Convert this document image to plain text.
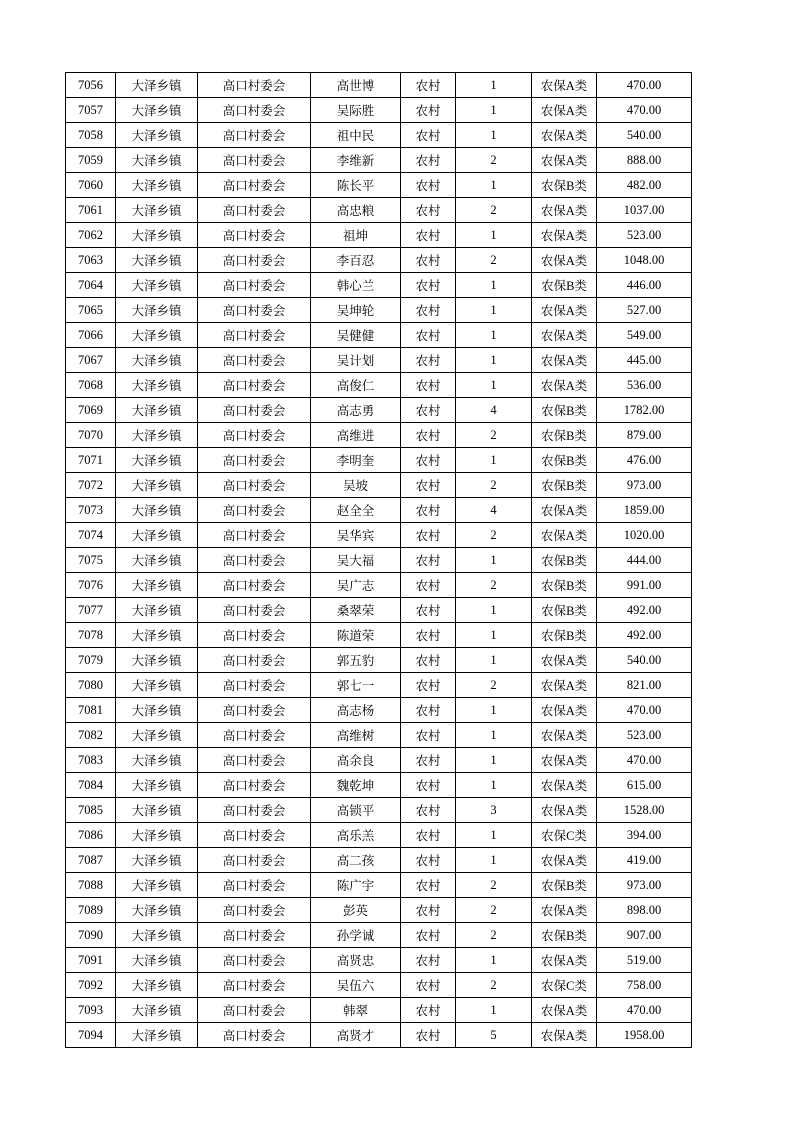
7056	大泽乡镇	高口村委会	高世博	农村	1	农保A类	470.00
7057	大泽乡镇	高口村委会	吴际胜	农村	1	农保A类	470.00
7058	大泽乡镇	高口村委会	祖中民	农村	1	农保A类	540.00
7059	大泽乡镇	高口村委会	李维新	农村	2	农保A类	888.00
7060	大泽乡镇	高口村委会	陈长平	农村	1	农保B类	482.00
7061	大泽乡镇	高口村委会	高忠粮	农村	2	农保A类	1037.00
7062	大泽乡镇	高口村委会	祖坤	农村	1	农保A类	523.00
7063	大泽乡镇	高口村委会	李百忍	农村	2	农保A类	1048.00
7064	大泽乡镇	高口村委会	韩心兰	农村	1	农保B类	446.00
7065	大泽乡镇	高口村委会	吴坤轮	农村	1	农保A类	527.00
7066	大泽乡镇	高口村委会	吴健健	农村	1	农保A类	549.00
7067	大泽乡镇	高口村委会	吴计划	农村	1	农保A类	445.00
7068	大泽乡镇	高口村委会	高俊仁	农村	1	农保A类	536.00
7069	大泽乡镇	高口村委会	高志勇	农村	4	农保B类	1782.00
7070	大泽乡镇	高口村委会	高维进	农村	2	农保B类	879.00
7071	大泽乡镇	高口村委会	李明奎	农村	1	农保B类	476.00
7072	大泽乡镇	高口村委会	吴坡	农村	2	农保B类	973.00
7073	大泽乡镇	高口村委会	赵全全	农村	4	农保A类	1859.00
7074	大泽乡镇	高口村委会	吴华宾	农村	2	农保A类	1020.00
7075	大泽乡镇	高口村委会	吴大福	农村	1	农保B类	444.00
7076	大泽乡镇	高口村委会	吴广志	农村	2	农保B类	991.00
7077	大泽乡镇	高口村委会	桑翠荣	农村	1	农保B类	492.00
7078	大泽乡镇	高口村委会	陈道荣	农村	1	农保B类	492.00
7079	大泽乡镇	高口村委会	郭五豹	农村	1	农保A类	540.00
7080	大泽乡镇	高口村委会	郭七一	农村	2	农保A类	821.00
7081	大泽乡镇	高口村委会	高志杨	农村	1	农保A类	470.00
7082	大泽乡镇	高口村委会	高维树	农村	1	农保A类	523.00
7083	大泽乡镇	高口村委会	高余良	农村	1	农保A类	470.00
7084	大泽乡镇	高口村委会	魏乾坤	农村	1	农保A类	615.00
7085	大泽乡镇	高口村委会	高锁平	农村	3	农保A类	1528.00
7086	大泽乡镇	高口村委会	高乐羔	农村	1	农保C类	394.00
7087	大泽乡镇	高口村委会	高二孩	农村	1	农保A类	419.00
7088	大泽乡镇	高口村委会	陈广宇	农村	2	农保B类	973.00
7089	大泽乡镇	高口村委会	彭英	农村	2	农保A类	898.00
7090	大泽乡镇	高口村委会	孙学诚	农村	2	农保B类	907.00
7091	大泽乡镇	高口村委会	高贤忠	农村	1	农保A类	519.00
7092	大泽乡镇	高口村委会	吴伍六	农村	2	农保C类	758.00
7093	大泽乡镇	高口村委会	韩翠	农村	1	农保A类	470.00
7094	大泽乡镇	高口村委会	高贤才	农村	5	农保A类	1958.00
